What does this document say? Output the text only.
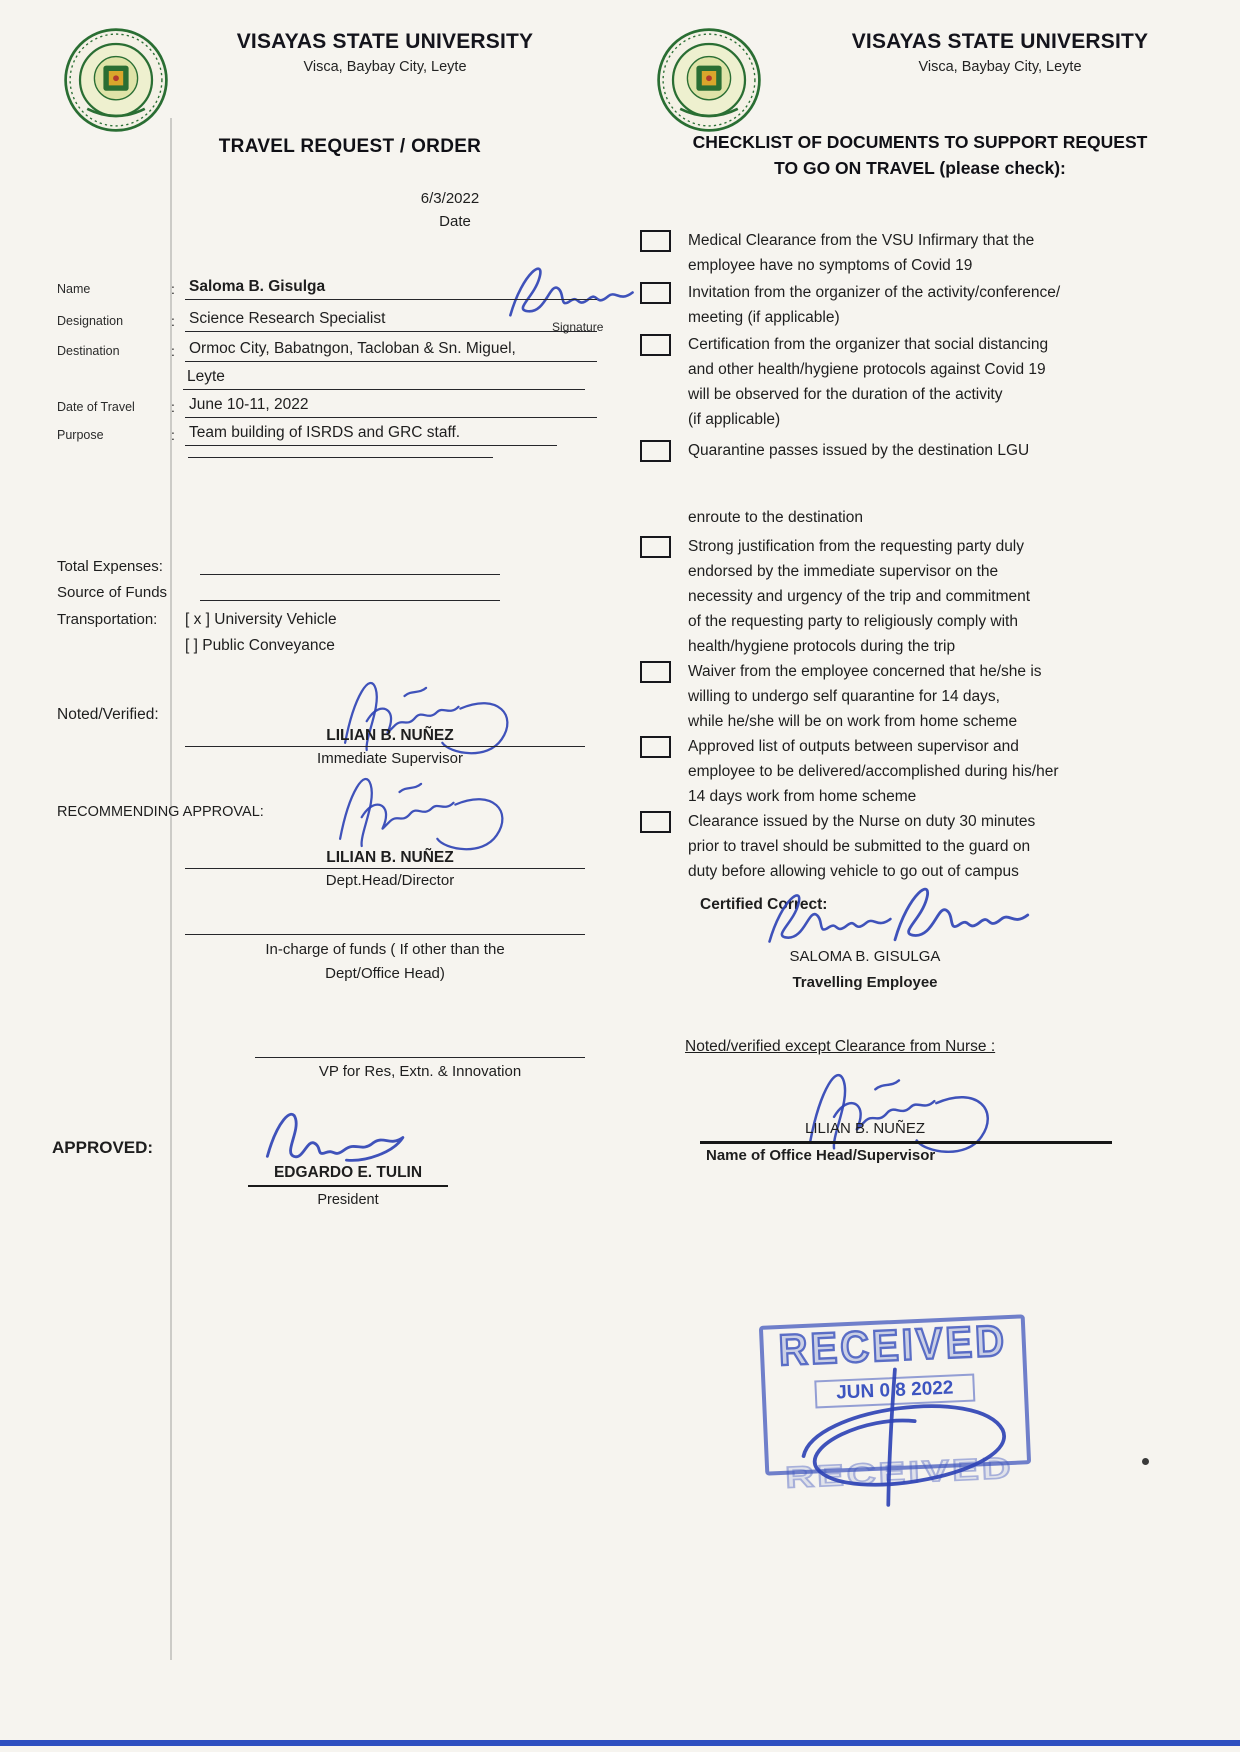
VISAYAS STATE UNIVERSITY
Visca, Baybay City, Leyte
TRAVEL REQUEST / ORDER
6/3/2022
Date
Signature
Name	: Saloma B. Gisulga
Designation	: Science Research Specialist
Destination	: Ormoc City, Babatngon, Tacloban & Sn. Miguel,
Leyte
Date of Travel	: June 10-11, 2022
Purpose	: Team building of ISRDS and GRC staff.
Total Expenses:
Source of Funds
Transportation: [ x ] University Vehicle
[ ] Public Conveyance
Noted/Verified:
LILIAN B. NUÑEZ
Immediate Supervisor
RECOMMENDING APPROVAL:
LILIAN B. NUÑEZ
Dept.Head/Director
In-charge of funds ( If other than the
Dept/Office Head)
VP for Res, Extn. & Innovation
APPROVED:
EDGARDO E. TULIN
President
VISAYAS STATE UNIVERSITY
Visca, Baybay City, Leyte
CHECKLIST OF DOCUMENTS TO SUPPORT REQUEST
TO GO ON TRAVEL (please check):
Medical Clearance from the VSU Infirmary that the
employee have no symptoms of Covid 19
Invitation from the organizer of the activity/conference/
meeting (if applicable)
Certification from the organizer that social distancing
and other health/hygiene protocols against Covid 19
will be observed for the duration of the activity
(if applicable)
Quarantine passes issued by the destination LGU
enroute to the destination
Strong justification from the requesting party duly
endorsed by the immediate supervisor on the
necessity and urgency of the trip and commitment
of the requesting party to religiously comply with
health/hygiene protocols during the trip
Waiver from the employee concerned that he/she is
willing to undergo self quarantine for 14 days,
while he/she will be on work from home scheme
Approved list of outputs between supervisor and
employee to be delivered/accomplished during his/her
14 days work from home scheme
Clearance issued by the Nurse on duty 30 minutes
prior to travel should be submitted to the guard on
duty before allowing vehicle to go out of campus
Certified Correct:
SALOMA B. GISULGA
Travelling Employee
Noted/verified except Clearance from Nurse :
LILIAN B. NUÑEZ
Name of Office Head/Supervisor
RECEIVED
JUN 0 8 2022
RECEIVED
